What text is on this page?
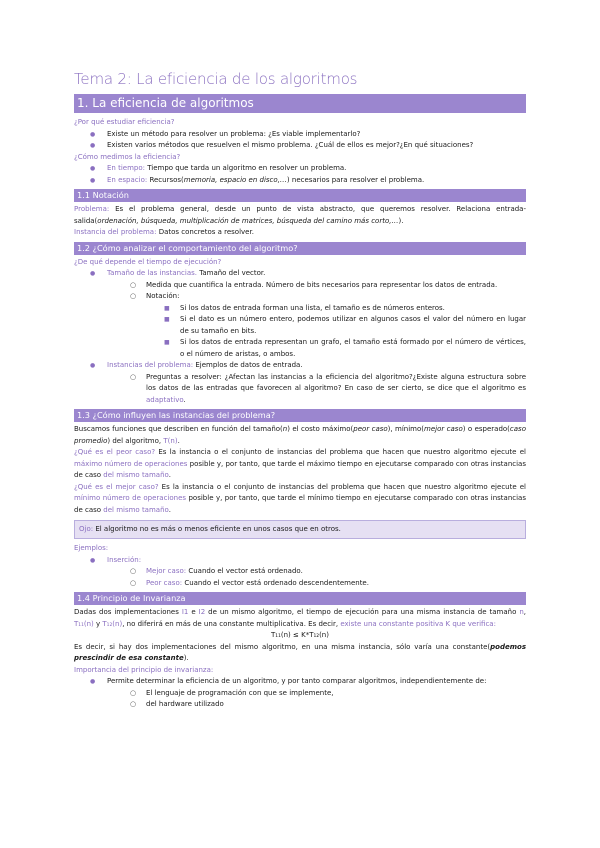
Tema 2: La eficiencia de los algoritmos
1. La eficiencia de algoritmos

¿Por qué estudiar eficiencia?

● Existe un método para resolver un problema: ¿Es viable implementarlo?
● Existen varios métodos que resuelven el mismo problema. ¿Cuál de ellos es mejor?¿En qué situaciones?

¿Cómo medimos la eficiencia?

● En tiempo: Tiempo que tarda un algoritmo en resolver un problema.
● En espacio: Recursos(memoria, espacio en disco,…) necesarios para resolver el problema.
1.1 Notación

Problema: Es el problema general, desde un punto de vista abstracto, que queremos resolver. Relaciona entrada-salida(ordenación, búsqueda, multiplicación de matrices, búsqueda del camino más corto,…).

Instancia del problema: Datos concretos a resolver.

1.2 ¿Cómo analizar el comportamiento del algoritmo?

¿De qué depende el tiempo de ejecución?

● Tamaño de las instancias. Tamaño del vector.
○ Medida que cuantifica la entrada. Número de bits necesarios para representar los datos de entrada.
○ Notación:
■ Si los datos de entrada forman una lista, el tamaño es de números enteros.
■ Si el dato es un número entero, podemos utilizar en algunos casos el valor del número en lugar de su tamaño en bits.
■ Si los datos de entrada representan un grafo, el tamaño está formado por el número de vértices, o el número de aristas, o ambos.
● Instancias del problema: Ejemplos de datos de entrada.
○ Preguntas a resolver: ¿Afectan las instancias a la eficiencia del algoritmo?¿Existe alguna estructura sobre los datos de las entradas que favorecen al algoritmo? En caso de ser cierto, se dice que el algoritmo es adaptativo.
1.3 ¿Cómo influyen las instancias del problema?

Buscamos funciones que describen en función del tamaño(n) el costo máximo(peor caso), mínimo(mejor caso) o esperado(caso promedio) del algoritmo, T(n).

¿Qué es el peor caso? Es la instancia o el conjunto de instancias del problema que hacen que nuestro algoritmo ejecute el máximo número de operaciones posible y, por tanto, que tarde el máximo tiempo en ejecutarse comparado con otras instancias de caso del mismo tamaño.

¿Qué es el mejor caso? Es la instancia o el conjunto de instancias del problema que hacen que nuestro algoritmo ejecute el mínimo número de operaciones posible y, por tanto, que tarde el mínimo tiempo en ejecutarse comparado con otras instancias de caso del mismo tamaño.

Ojo: El algoritmo no es más o menos eficiente en unos casos que en otros.

Ejemplos:

● Inserción:
○ Mejor caso: Cuando el vector está ordenado.
○ Peor caso: Cuando el vector está ordenado descendentemente.
1.4 Principio de Invarianza

Dadas dos implementaciones I1 e I2 de un mismo algoritmo, el tiempo de ejecución para una misma instancia de tamaño n, T₁₁(n) y T₁₂(n), no diferirá en más de una constante multiplicativa. Es decir, existe una constante positiva K que verifica:

T₁₁(n) ≤ K*T₁₂(n)

Es decir, si hay dos implementaciones del mismo algoritmo, en una misma instancia, sólo varía una constante(podemos prescindir de esa constante).

Importancia del principio de invarianza:

● Permite determinar la eficiencia de un algoritmo, y por tanto comparar algoritmos, independientemente de:
○ El lenguaje de programación con que se implemente,
○ del hardware utilizado
